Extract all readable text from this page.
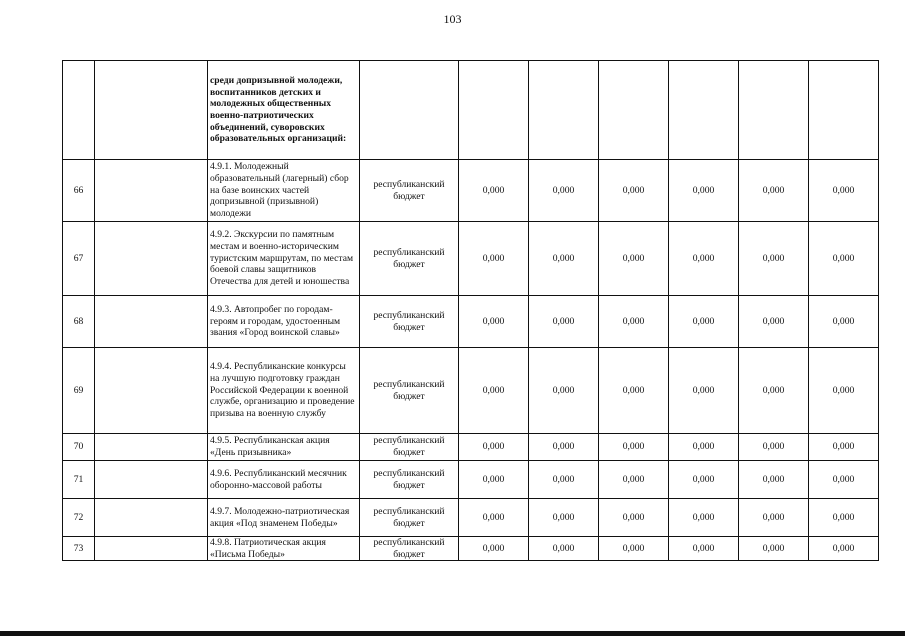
103
		среди допризывной молодежи, воспитанников детских и молодежных общественных военно-патриотических объединений, суворовских образовательных организаций:							
66		4.9.1. Молодежный образовательный (лагерный) сбор на базе воинских частей допризывной (призывной) молодежи	республиканский бюджет	0,000	0,000	0,000	0,000	0,000	0,000
67		4.9.2. Экскурсии по памятным местам и военно-историческим туристским маршрутам, по местам боевой славы защитников Отечества для детей и юношества	республиканский бюджет	0,000	0,000	0,000	0,000	0,000	0,000
68		4.9.3. Автопробег по городам-героям и городам, удостоенным звания «Город воинской славы»	республиканский бюджет	0,000	0,000	0,000	0,000	0,000	0,000
69		4.9.4. Республиканские конкурсы на лучшую подготовку граждан Российской Федерации к военной службе, организацию и проведение призыва на военную службу	республиканский бюджет	0,000	0,000	0,000	0,000	0,000	0,000
70		4.9.5. Республиканская акция «День призывника»	республиканский бюджет	0,000	0,000	0,000	0,000	0,000	0,000
71		4.9.6. Республиканский месячник оборонно-массовой работы	республиканский бюджет	0,000	0,000	0,000	0,000	0,000	0,000
72		4.9.7. Молодежно-патриотическая акция «Под знаменем Победы»	республиканский бюджет	0,000	0,000	0,000	0,000	0,000	0,000
73		4.9.8. Патриотическая акция «Письма Победы»	республиканский бюджет	0,000	0,000	0,000	0,000	0,000	0,000
